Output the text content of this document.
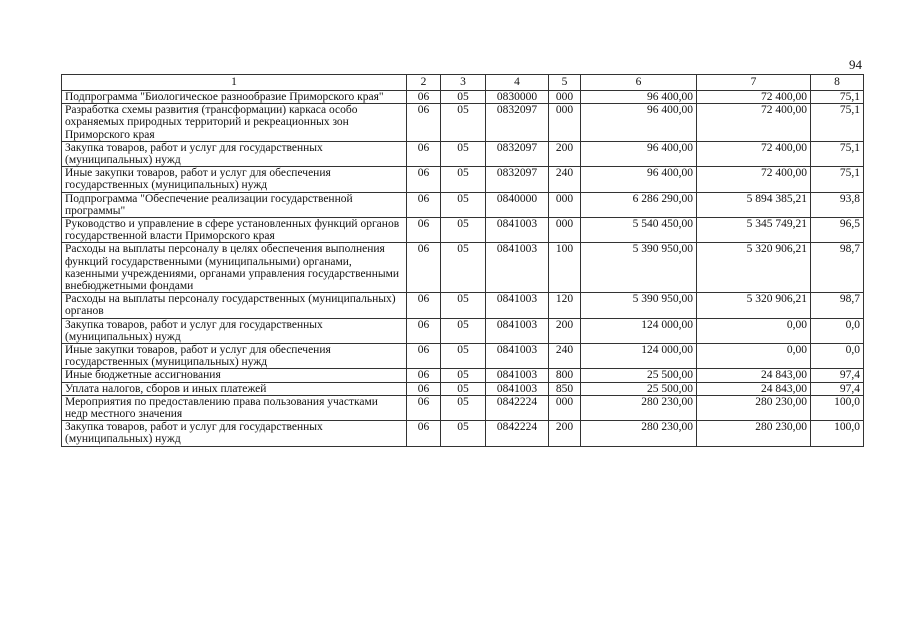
94
1	2	3	4	5	6	7	8
Подпрограмма "Биологическое разнообразие Приморского края"	06	05	0830000	000	96 400,00	72 400,00	75,1
Разработка схемы развития (трансформации) каркаса особо охраняемых природных территорий и рекреационных зон Приморского края	06	05	0832097	000	96 400,00	72 400,00	75,1
Закупка товаров, работ и услуг для государственных (муниципальных) нужд	06	05	0832097	200	96 400,00	72 400,00	75,1
Иные закупки товаров, работ и услуг для обеспечения государственных (муниципальных) нужд	06	05	0832097	240	96 400,00	72 400,00	75,1
Подпрограмма "Обеспечение реализации государственной программы"	06	05	0840000	000	6 286 290,00	5 894 385,21	93,8
Руководство и управление в сфере установленных функций органов государственной власти Приморского края	06	05	0841003	000	5 540 450,00	5 345 749,21	96,5
Расходы на выплаты персоналу в целях обеспечения выполнения функций государственными (муниципальными) органами, казенными учреждениями, органами управления государственными внебюджетными фондами	06	05	0841003	100	5 390 950,00	5 320 906,21	98,7
Расходы на выплаты персоналу государственных (муниципальных) органов	06	05	0841003	120	5 390 950,00	5 320 906,21	98,7
Закупка товаров, работ и услуг для государственных (муниципальных) нужд	06	05	0841003	200	124 000,00	0,00	0,0
Иные закупки товаров, работ и услуг для обеспечения государственных (муниципальных) нужд	06	05	0841003	240	124 000,00	0,00	0,0
Иные бюджетные ассигнования	06	05	0841003	800	25 500,00	24 843,00	97,4
Уплата налогов, сборов и иных платежей	06	05	0841003	850	25 500,00	24 843,00	97,4
Мероприятия по предоставлению права пользования участками недр местного значения	06	05	0842224	000	280 230,00	280 230,00	100,0
Закупка товаров, работ и услуг для государственных (муниципальных) нужд	06	05	0842224	200	280 230,00	280 230,00	100,0
